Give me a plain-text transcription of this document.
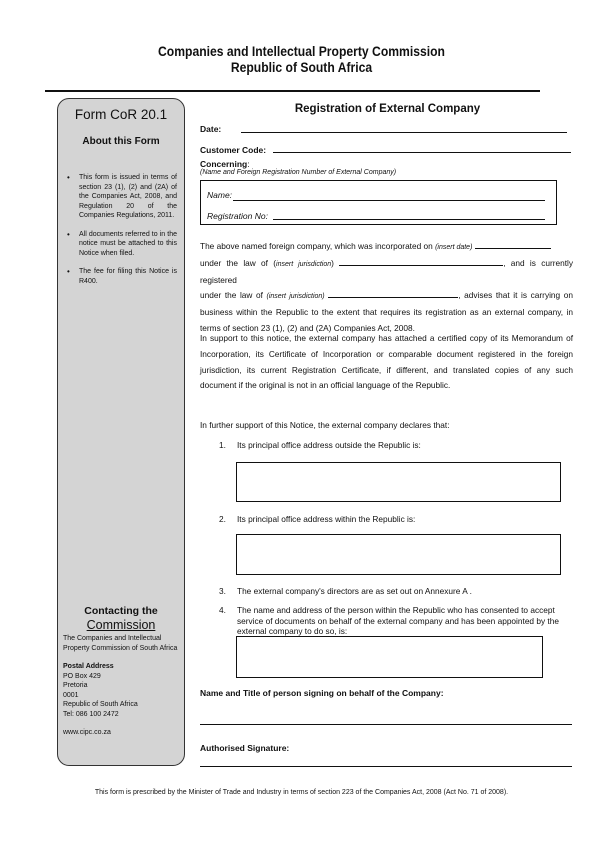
Companies and Intellectual Property Commission
Republic of South Africa
Form CoR 20.1
About this Form
• This form is issued in terms of section 23 (1), (2) and (2A) of the Companies Act, 2008, and Regulation 20 of the Companies Regulations, 2011.
• All documents referred to in the notice must be attached to this Notice when filed.
• The fee for filing this Notice is R400.
Contacting the
Commission
The Companies and Intellectual Property Commission of South Africa
Postal Address
PO Box 429
Pretoria
0001
Republic of South Africa
Tel: 086 100 2472
www.cipc.co.za
Registration of External Company
Date:
Customer Code:
Concerning:
(Name and Foreign Registration Number of External Company)
Name:
Registration No:
The above named foreign company, which was incorporated on (insert date)
under the law of (insert jurisdiction)	, and is currently registered
under the law of (insert jurisdiction)	, advises that it is carrying on business within the Republic to the extent that requires its registration as an external company, in terms of section 23 (1), (2) and (2A) Companies Act, 2008.
In support to this notice, the external company has attached a certified copy of its Memorandum of Incorporation, its Certificate of Incorporation or comparable document registered in the foreign jurisdiction, its current Registration Certificate, if different, and translated copies of any such document if the original is not in an official language of the Republic.
In further support of this Notice, the external company declares that:
1. Its principal office address outside the Republic is:
2. Its principal office address within the Republic is:
3. The external company's directors are as set out on Annexure A .
4. The name and address of the person within the Republic who has consented to accept service of documents on behalf of the external company and has been appointed by the external company to do so, is:
Name and Title of person signing on behalf of the Company:
Authorised Signature:
This form is prescribed by the Minister of Trade and Industry in terms of section 223 of the Companies Act, 2008 (Act No. 71 of 2008).
